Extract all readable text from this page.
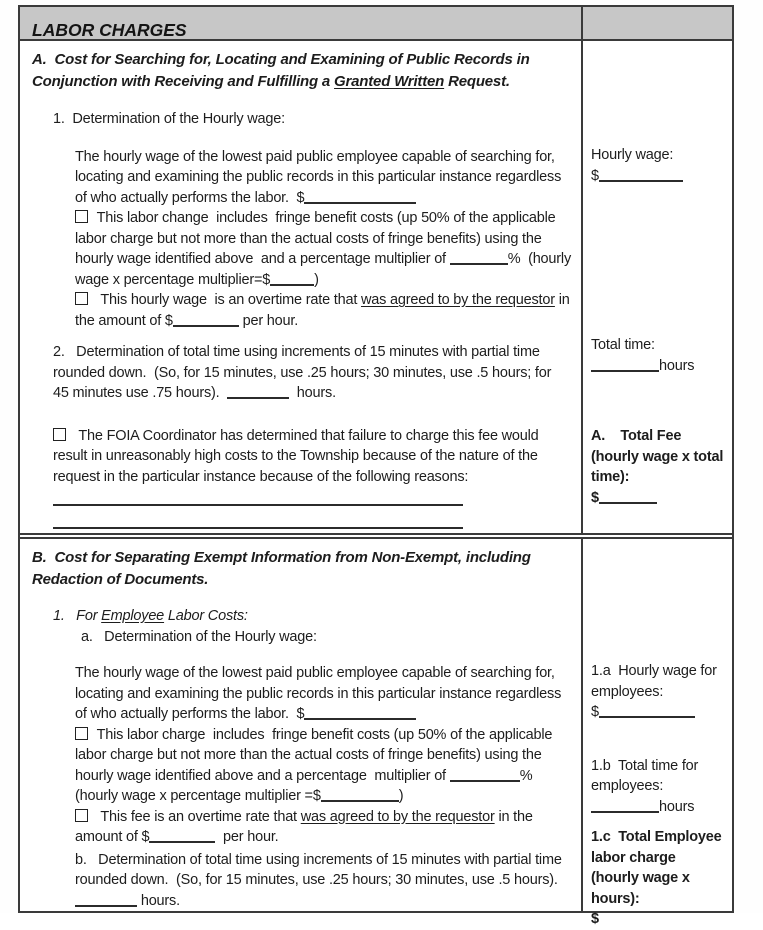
LABOR CHARGES
A.  Cost for Searching for, Locating and Examining of Public Records in Conjunction with Receiving and Fulfilling a Granted Written Request.
1.  Determination of the Hourly wage:
The hourly wage of the lowest paid public employee capable of searching for, locating and examining the public records in this particular instance regardless of who actually performs the labor.  $
This labor change  includes  fringe benefit costs (up 50% of the applicable labor charge but not more than the actual costs of fringe benefits) using the hourly wage identified above  and a percentage multiplier of	%  (hourly wage x percentage multiplier=$	)
This hourly wage  is an overtime rate that was agreed to by the requestor in the amount of $	per hour.
2.   Determination of total time using increments of 15 minutes with partial time rounded down.  (So, for 15 minutes, use .25 hours; 30 minutes, use .5 hours; for 45 minutes use .75 hours).	hours.
The FOIA Coordinator has determined that failure to charge this fee would result in unreasonably high costs to the Township because of the nature of the request in the particular instance because of the following reasons:
Hourly wage:
$
Total time:
hours
A.    Total Fee
(hourly wage x total
time):
$
B.  Cost for Separating Exempt Information from Non-Exempt, including Redaction of Documents.
1.   For Employee Labor Costs:
a.   Determination of the Hourly wage:
The hourly wage of the lowest paid public employee capable of searching for, locating and examining the public records in this particular instance regardless of who actually performs the labor.  $
This labor charge  includes  fringe benefit costs (up 50% of the applicable labor charge but not more than the actual costs of fringe benefits) using the hourly wage identified above and a percentage  multiplier of	% (hourly wage x percentage multiplier =$	)
This fee is an overtime rate that was agreed to by the requestor in the amount of $	per hour.
b.   Determination of total time using increments of 15 minutes with partial time rounded down.  (So, for 15 minutes, use .25 hours; 30 minutes, use .5 hours).   hours.
1.a  Hourly wage for
employees:
$
1.b  Total time for
employees:
hours
1.c  Total Employee
labor charge
(hourly wage x
hours):
$
